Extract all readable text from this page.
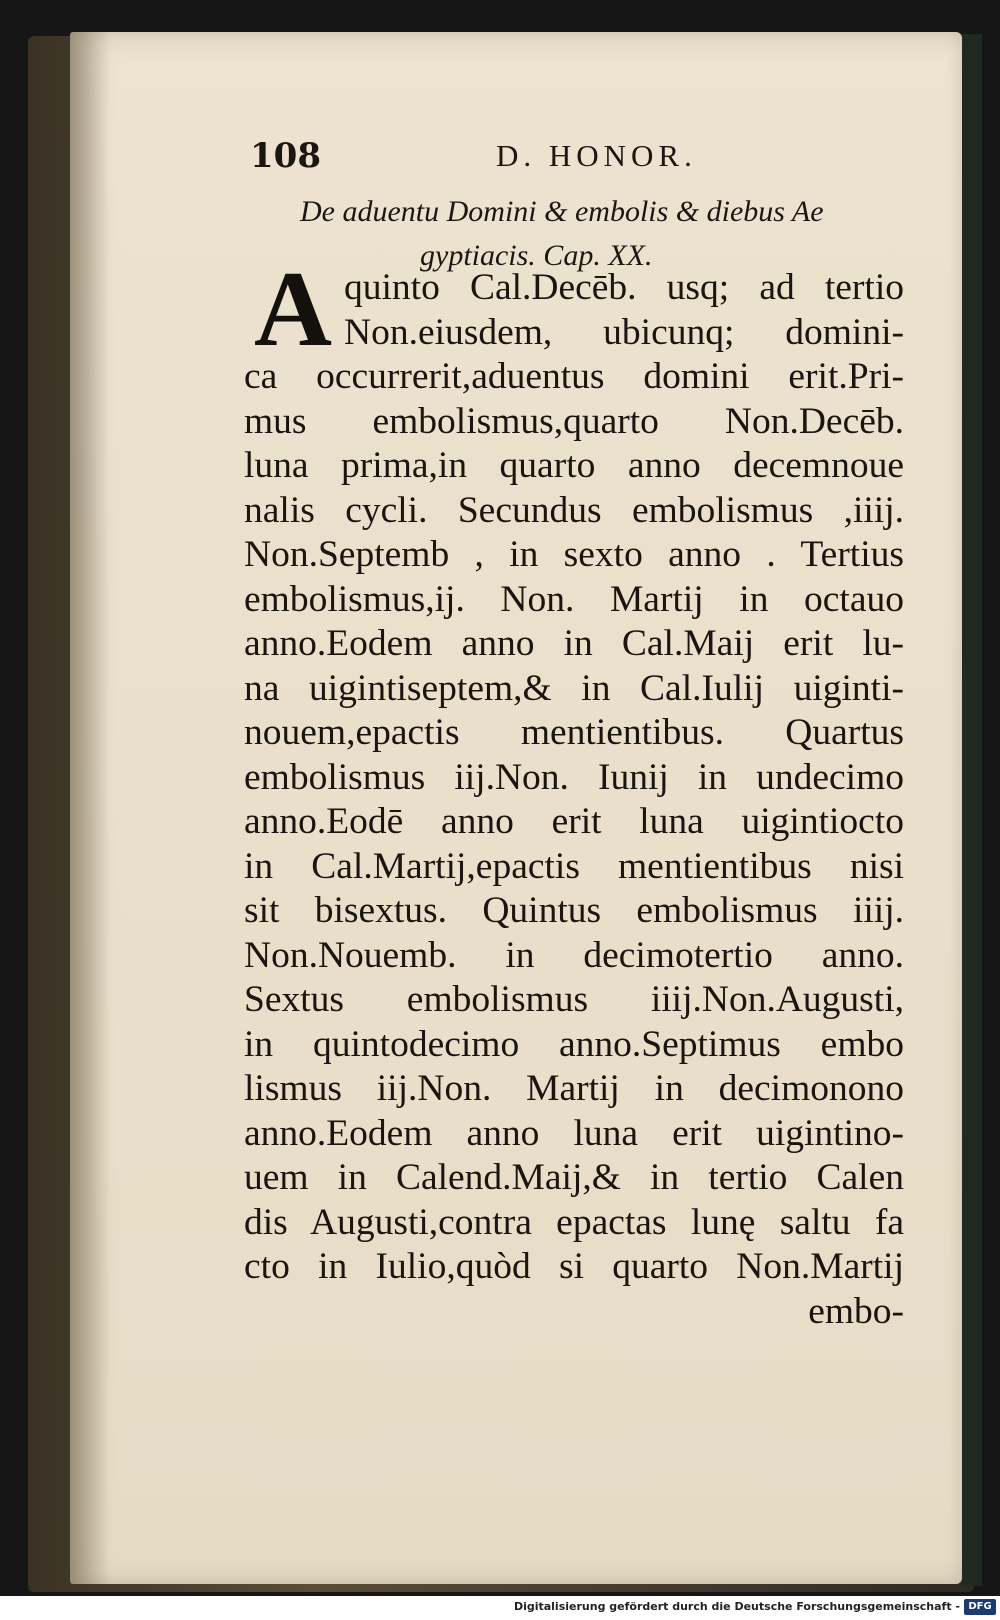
108	D. HONOR.
De aduentu Domini & embolis & diebus Ae
gyptiacis. Cap. XX.
A quinto Cal.Decēb. usq; ad tertio
Non.eiusdem, ubicunq; domini-
ca occurrerit,aduentus domini erit.Pri-
mus embolismus,quarto Non.Decēb.
luna prima,in quarto anno decemnoue
nalis cycli. Secundus embolismus ,iiij.
Non.Septemb , in sexto anno . Tertius
embolismus,ij. Non. Martij in octauo
anno.Eodem anno in Cal.Maij erit lu-
na uigintiseptem,& in Cal.Iulij uiginti-
nouem,epactis mentientibus. Quartus
embolismus iij.Non. Iunij in undecimo
anno.Eodē anno erit luna uigintiocto
in Cal.Martij,epactis mentientibus nisi
sit bisextus. Quintus embolismus iiij.
Non.Nouemb. in decimotertio anno.
Sextus embolismus iiij.Non.Augusti,
in quintodecimo anno.Septimus embo
lismus iij.Non. Martij in decimonono
anno.Eodem anno luna erit uigintino-
uem in Calend.Maij,& in tertio Calen
dis Augusti,contra epactas lunę saltu fa
cto in Iulio,quòd si quarto Non.Martij
embo-
Digitalisierung gefördert durch die Deutsche Forschungsgemeinschaft - DFG
